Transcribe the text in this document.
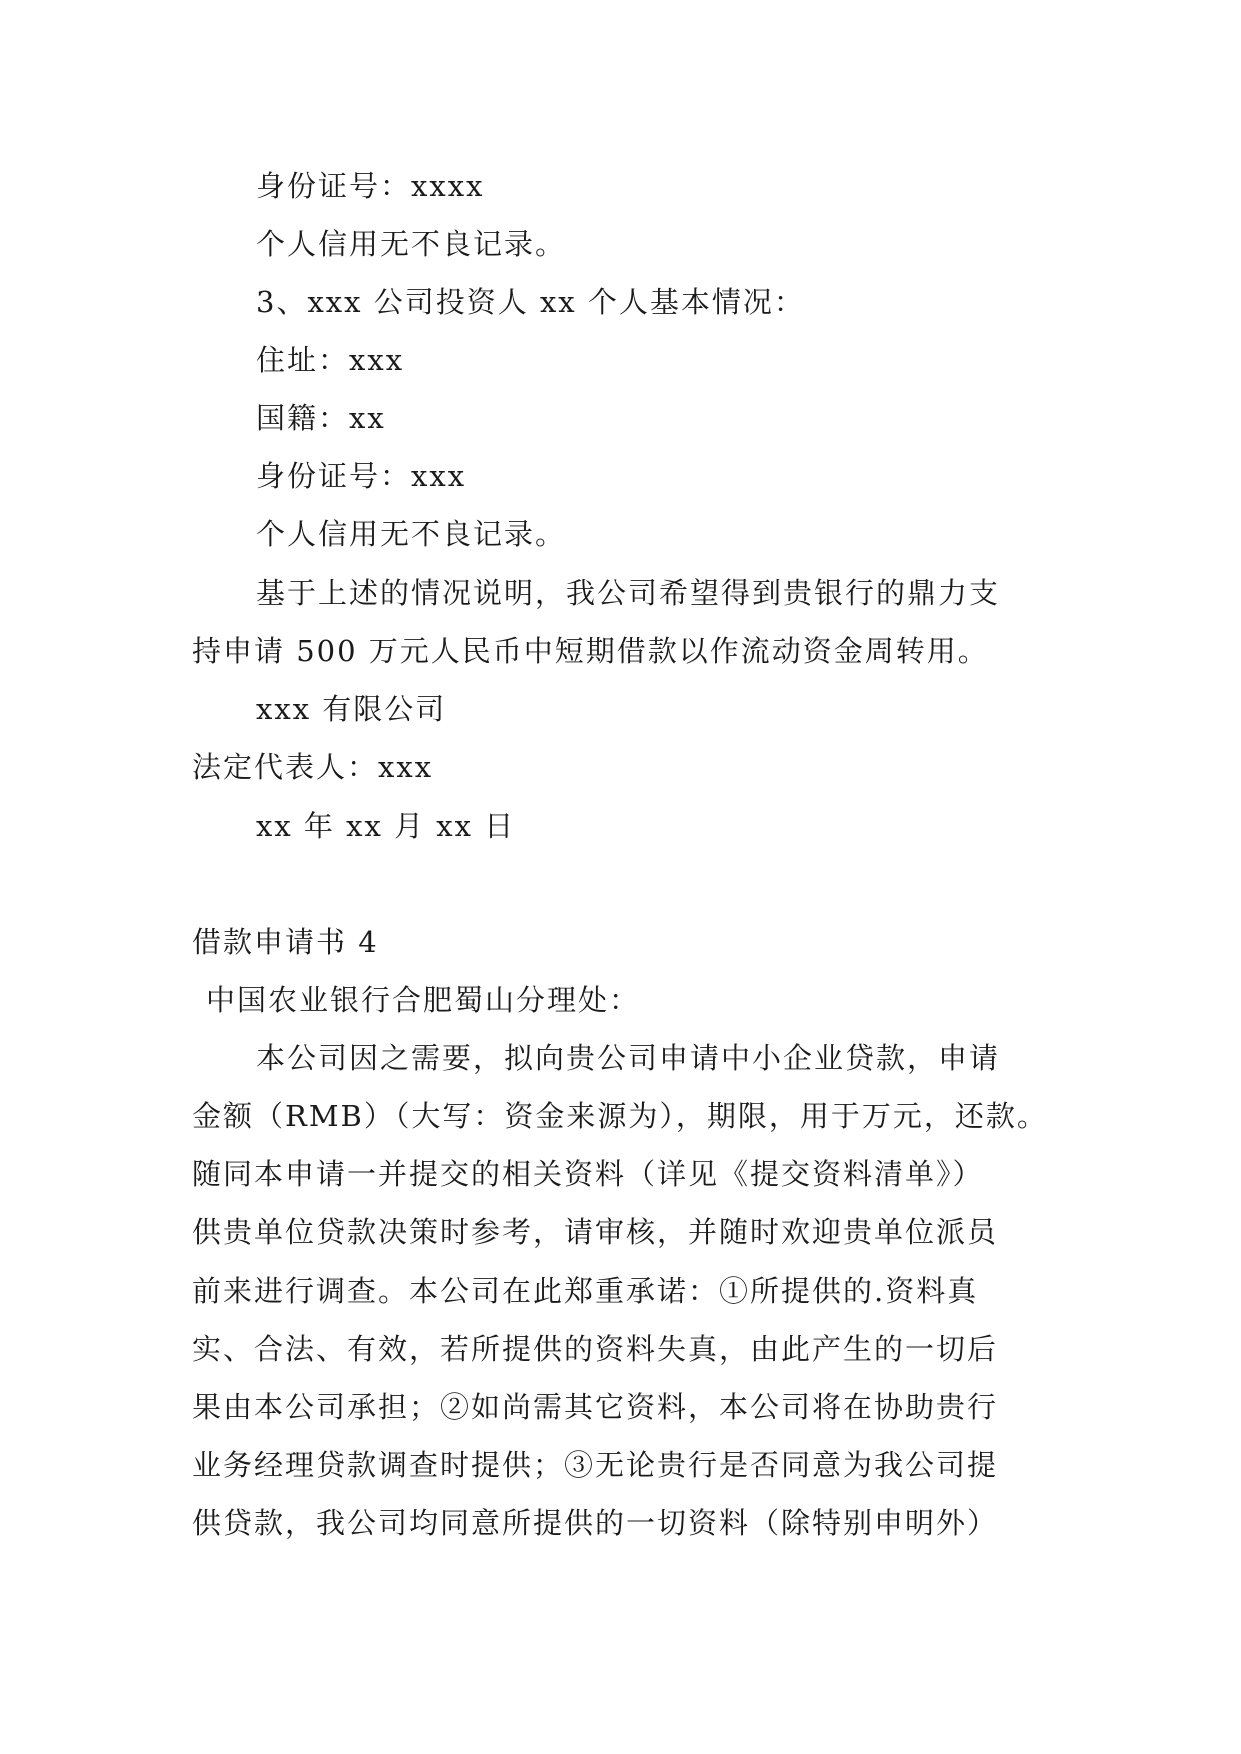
身份证号：xxxx
个人信用无不良记录。
3、xxx 公司投资人 xx 个人基本情况：
住址：xxx
国籍：xx
身份证号：xxx
个人信用无不良记录。
基于上述的情况说明，我公司希望得到贵银行的鼎力支
持申请 500 万元人民币中短期借款以作流动资金周转用。
xxx 有限公司
法定代表人：xxx
xx 年 xx 月 xx 日
借款申请书 4
中国农业银行合肥蜀山分理处：
本公司因之需要，拟向贵公司申请中小企业贷款，申请
金额（RMB）（大写：资金来源为），期限，用于万元，还款。
随同本申请一并提交的相关资料（详见《提交资料清单》）
供贵单位贷款决策时参考，请审核，并随时欢迎贵单位派员
前来进行调查。本公司在此郑重承诺：①所提供的.资料真
实、合法、有效，若所提供的资料失真，由此产生的一切后
果由本公司承担；②如尚需其它资料，本公司将在协助贵行
业务经理贷款调查时提供；③无论贵行是否同意为我公司提
供贷款，我公司均同意所提供的一切资料（除特别申明外）
